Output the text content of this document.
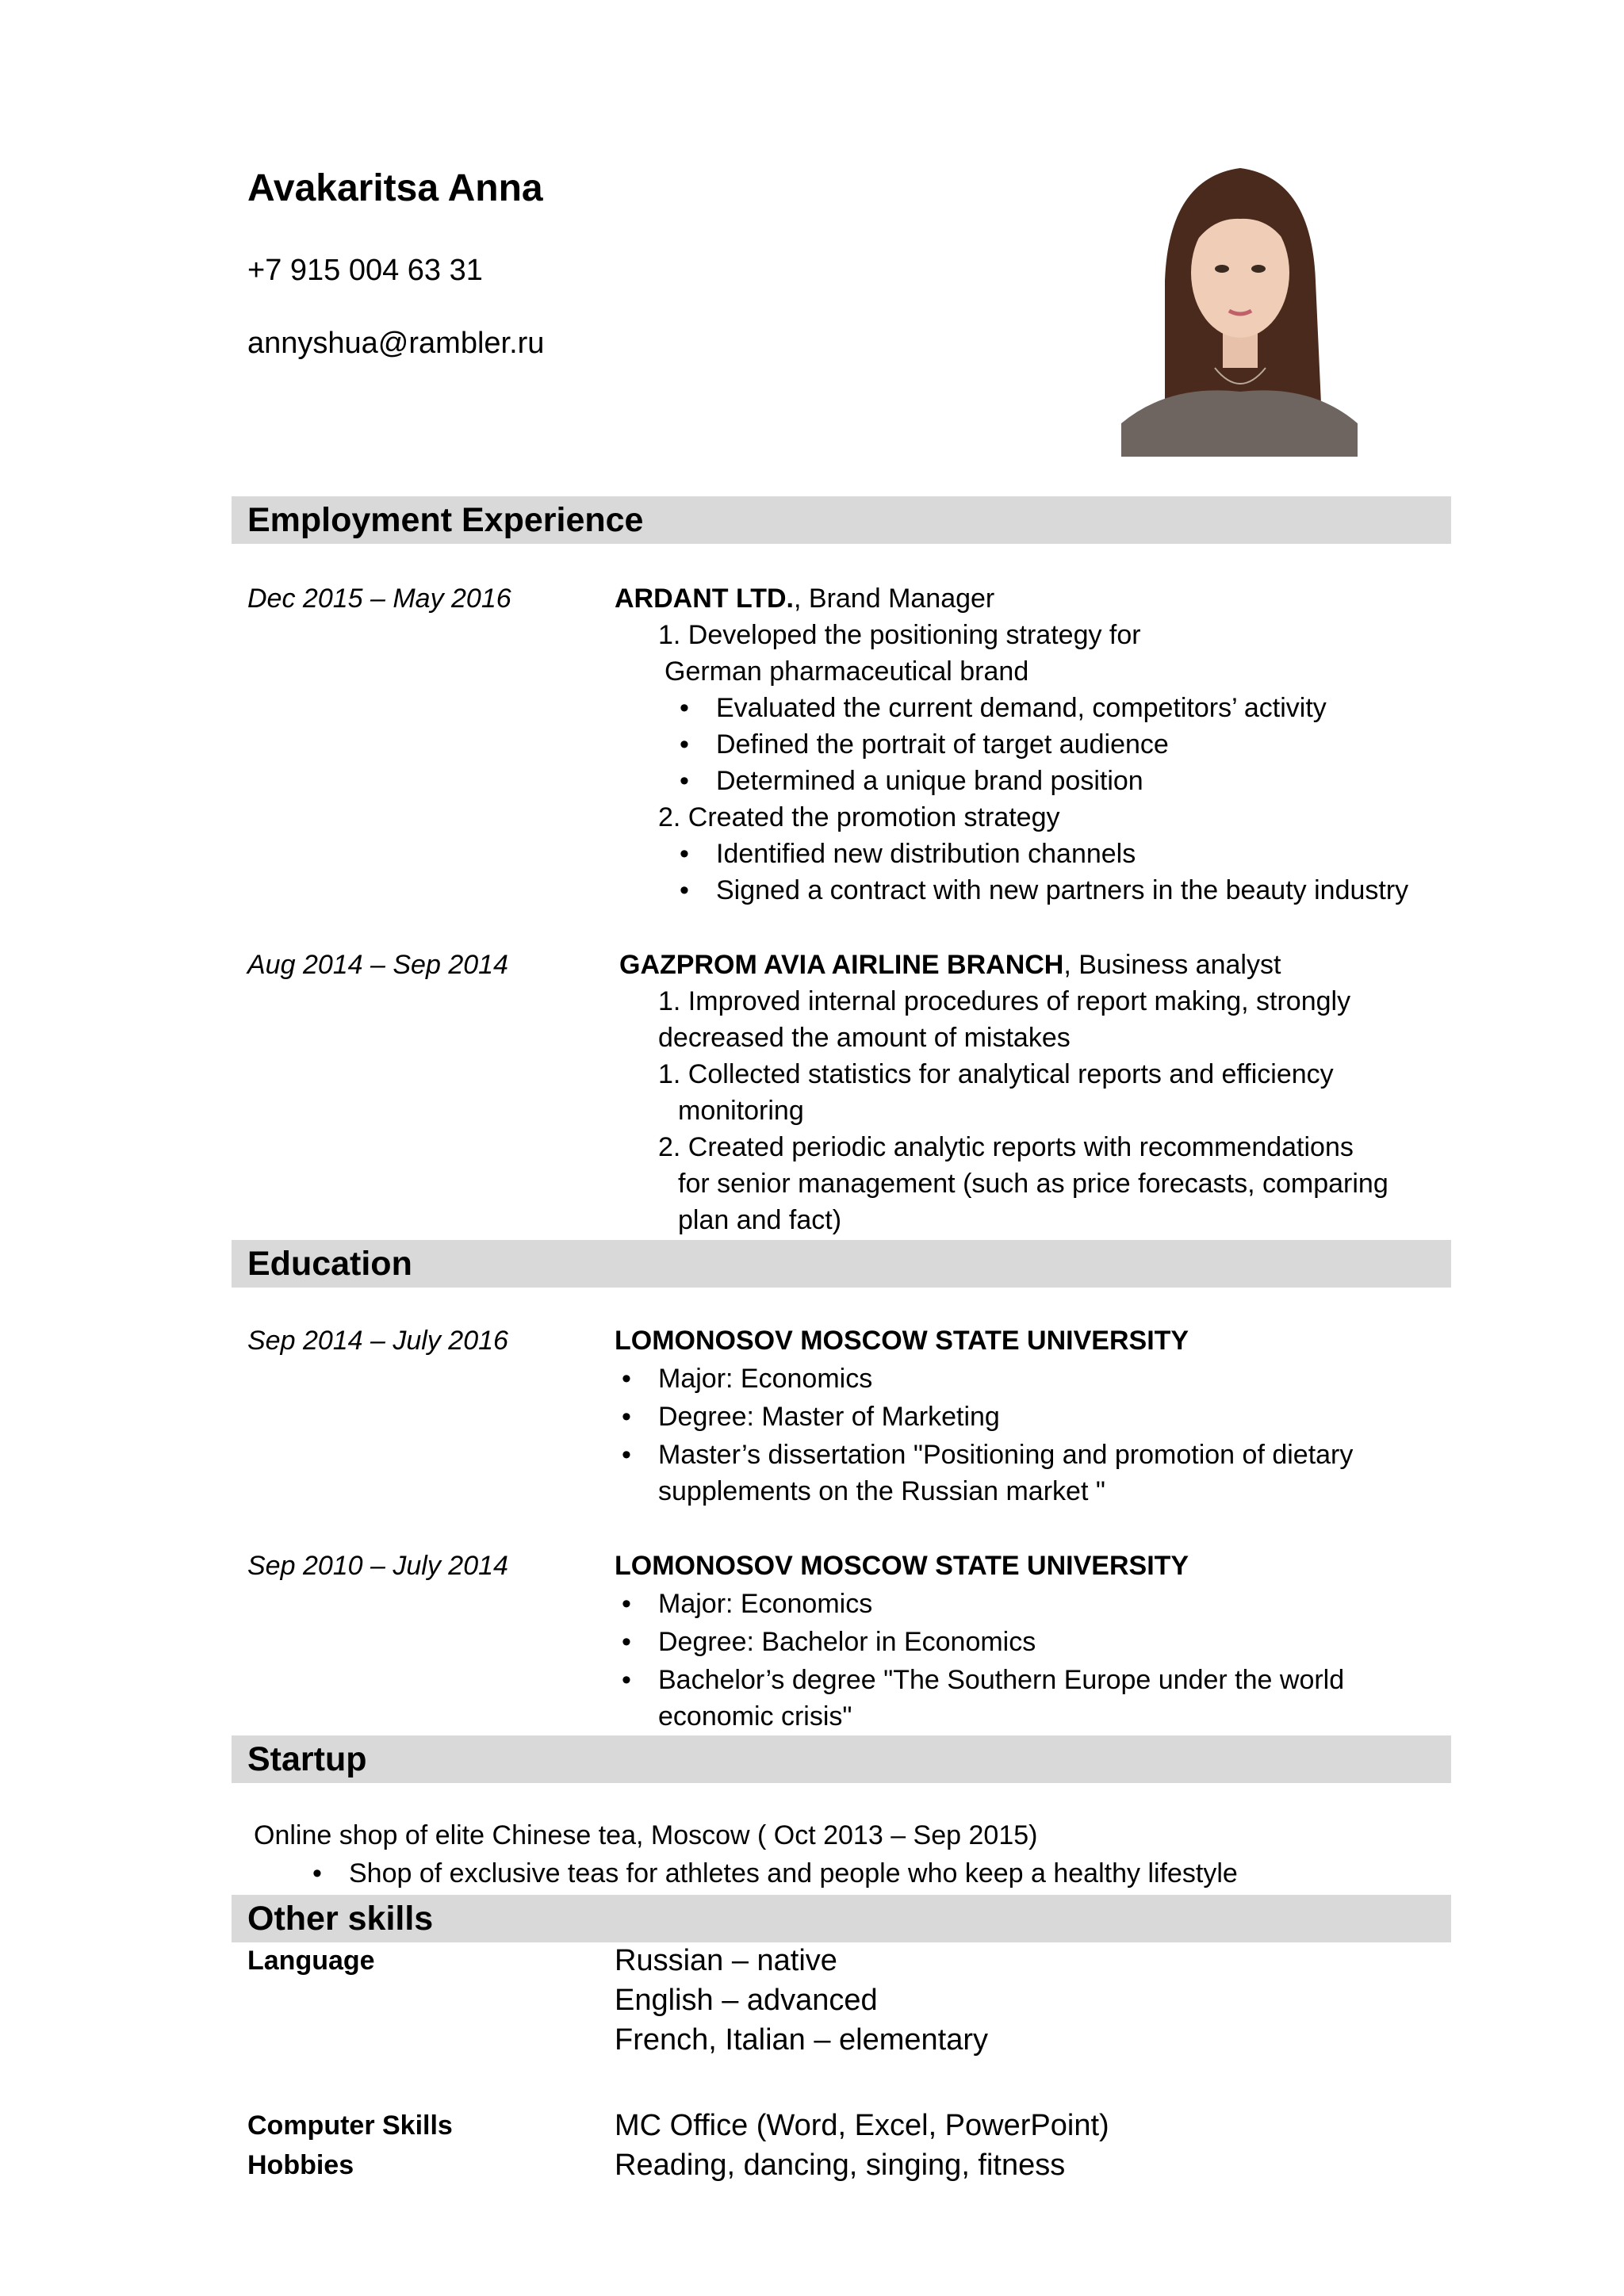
Avakaritsa Anna
+7 915 004 63 31
annyshua@rambler.ru
Employment Experience
Dec 2015 – May 2016	ARDANT LTD., Brand Manager
1. Developed the positioning strategy for
German pharmaceutical brand
• Evaluated the current demand, competitors’ activity
• Defined the portrait of target audience
• Determined a unique brand position
2. Created the promotion strategy
• Identified new distribution channels
• Signed a contract with new partners in the beauty industry
Aug 2014 – Sep 2014	GAZPROM AVIA AIRLINE BRANCH, Business analyst
1. Improved internal procedures of report making, strongly
decreased the amount of mistakes
1. Collected statistics for analytical reports and efficiency
monitoring
2. Created periodic analytic reports with recommendations
for senior management (such as price forecasts, comparing
plan and fact)
Education
Sep 2014 – July 2016	LOMONOSOV MOSCOW STATE UNIVERSITY
• Major: Economics
• Degree: Master of Marketing
• Master’s dissertation "Positioning and promotion of dietary
supplements on the Russian market "
Sep 2010 – July 2014	LOMONOSOV MOSCOW STATE UNIVERSITY
• Major: Economics
• Degree: Bachelor in Economics
• Bachelor’s degree "The Southern Europe under the world
economic crisis"
Startup
Online shop of elite Chinese tea, Moscow ( Oct 2013 – Sep 2015)
• Shop of exclusive teas for athletes and people who keep a healthy lifestyle
Other skills
Language	Russian – native
English – advanced
French, Italian – elementary
Computer Skills	MC Office (Word, Excel, PowerPoint)
Hobbies	Reading, dancing, singing, fitness
